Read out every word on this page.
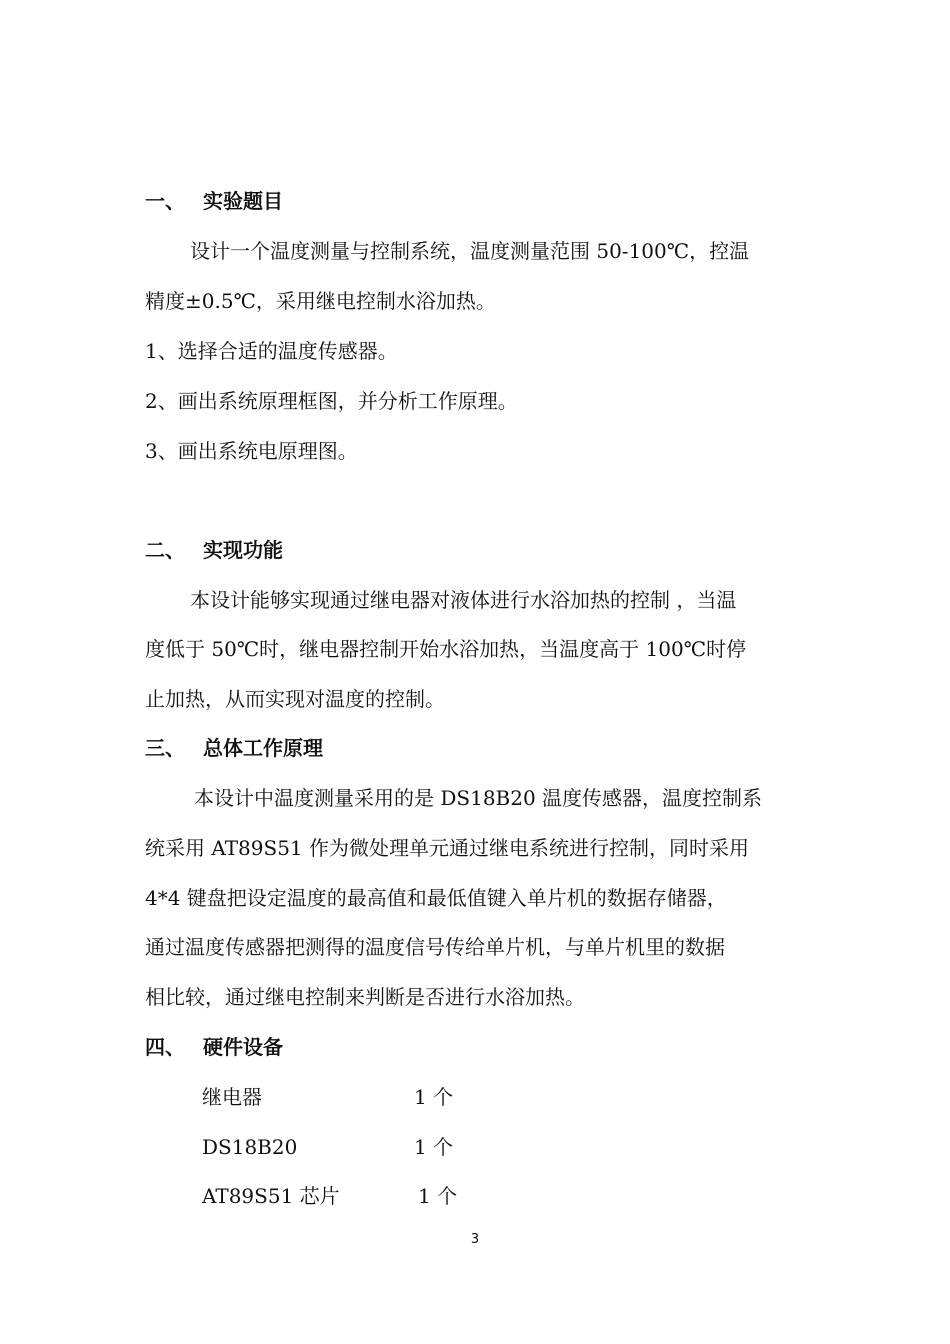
一、 实验题目
设计一个温度测量与控制系统，温度测量范围 50-100℃，控温
精度±0.5℃，采用继电控制水浴加热。
1、选择合适的温度传感器。
2、画出系统原理框图，并分析工作原理。
3、画出系统电原理图。
二、 实现功能
本设计能够实现通过继电器对液体进行水浴加热的控制 ，当温
度低于 50℃时，继电器控制开始水浴加热，当温度高于 100℃时停
止加热，从而实现对温度的控制。
三、 总体工作原理
本设计中温度测量采用的是 DS18B20 温度传感器，温度控制系
统采用 AT89S51 作为微处理单元通过继电系统进行控制，同时采用
4*4 键盘把设定温度的最高值和最低值键入单片机的数据存储器，
通过温度传感器把测得的温度信号传给单片机，与单片机里的数据
相比较，通过继电控制来判断是否进行水浴加热。
四、 硬件设备
继电器	1 个
DS18B20	1 个
AT89S51 芯片	1 个
3
